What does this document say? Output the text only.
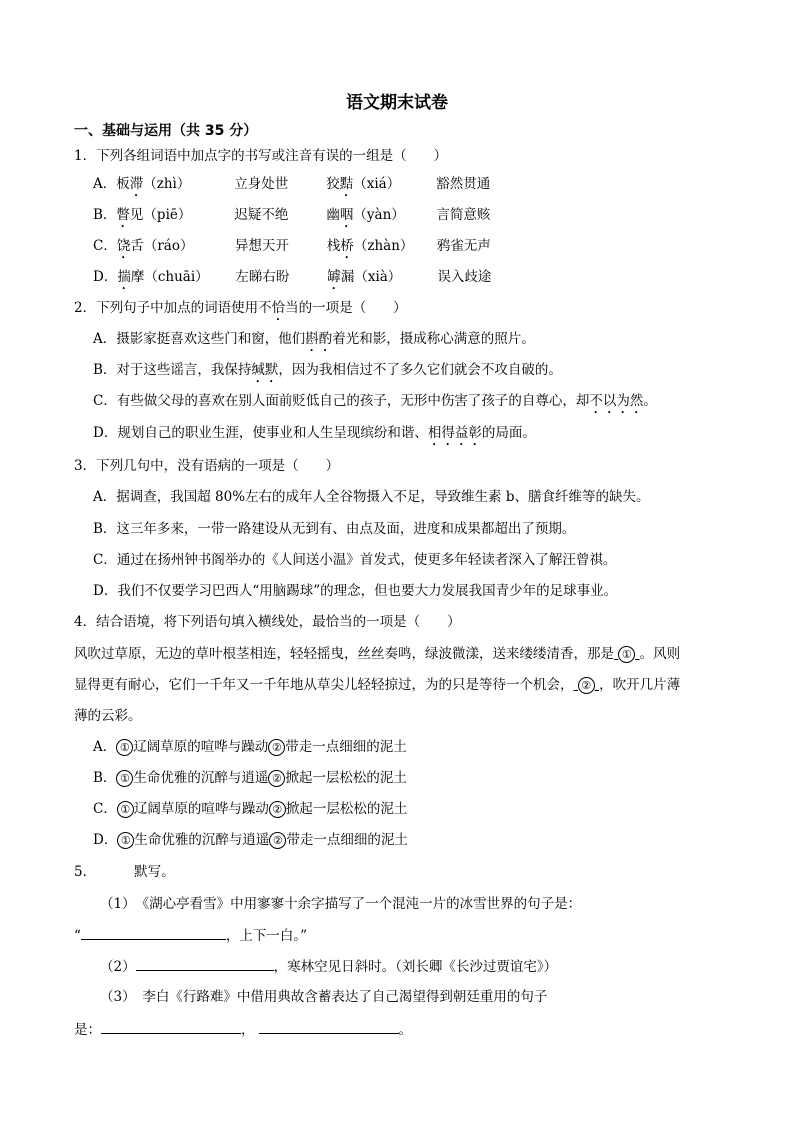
语文期末试卷
一、基础与运用（共 35 分）
1．下列各组词语中加点字的书写或注音有误的一组是（　　）
A．板滞（zhì）	立身处世	狡黠（xiá）	豁然贯通
B．瞥见（piē）	迟疑不绝	幽咽（yàn） 言简意赅
C．饶舌（ráo）	异想天开	栈桥（zhàn） 鸦雀无声
D．揣摩（chuāi） 左睇右盼	罅漏（xià）	误入歧途
2．下列句子中加点的词语使用不恰当的一项是（　　）
A．摄影家挺喜欢这些门和窗，他们斟酌着光和影，摄成称心满意的照片。
B．对于这些谣言，我保持缄默，因为我相信过不了多久它们就会不攻自破的。
C．有些做父母的喜欢在别人面前贬低自己的孩子，无形中伤害了孩子的自尊心，却不以为然。
D．规划自己的职业生涯，使事业和人生呈现缤纷和谐、相得益彰的局面。
3．下列几句中，没有语病的一项是（　　）
A．据调查，我国超 80%左右的成年人全谷物摄入不足，导致维生素 b、膳食纤维等的缺失。
B．这三年多来，一带一路建设从无到有、由点及面，进度和成果都超出了预期。
C．通过在扬州钟书阁举办的《人间送小温》首发式，使更多年轻读者深入了解汪曾祺。
D．我们不仅要学习巴西人“用脑踢球”的理念，但也要大力发展我国青少年的足球事业。
4．结合语境，将下列语句填入横线处，最恰当的一项是（　　）
风吹过草原，无边的草叶根茎相连，轻轻摇曳，丝丝奏鸣，绿波微漾，送来缕缕清香，那是 ① 。风则
显得更有耐心，它们一千年又一千年地从草尖儿轻轻掠过，为的只是等待一个机会， ② ，吹开几片薄
薄的云彩。
A． ① 辽阔草原的喧哗与躁动 ② 带走一点细细的泥土
B． ① 生命优雅的沉醉与逍遥 ② 掀起一层松松的泥土
C． ① 辽阔草原的喧哗与躁动 ② 掀起一层松松的泥土
D． ① 生命优雅的沉醉与逍遥 ② 带走一点细细的泥土
5．	默写。
（1）　《湖心亭看雪》中用寥寥十余字描写了一个混沌一片的冰雪世界的句子是：
“	，上下一白。”
（2）	，寒林空见日斜时。（刘长卿《长沙过贾谊宅》）
（3）　李白《行路难》中借用典故含蓄表达了自己渴望得到朝廷重用的句子
是：	，	。
